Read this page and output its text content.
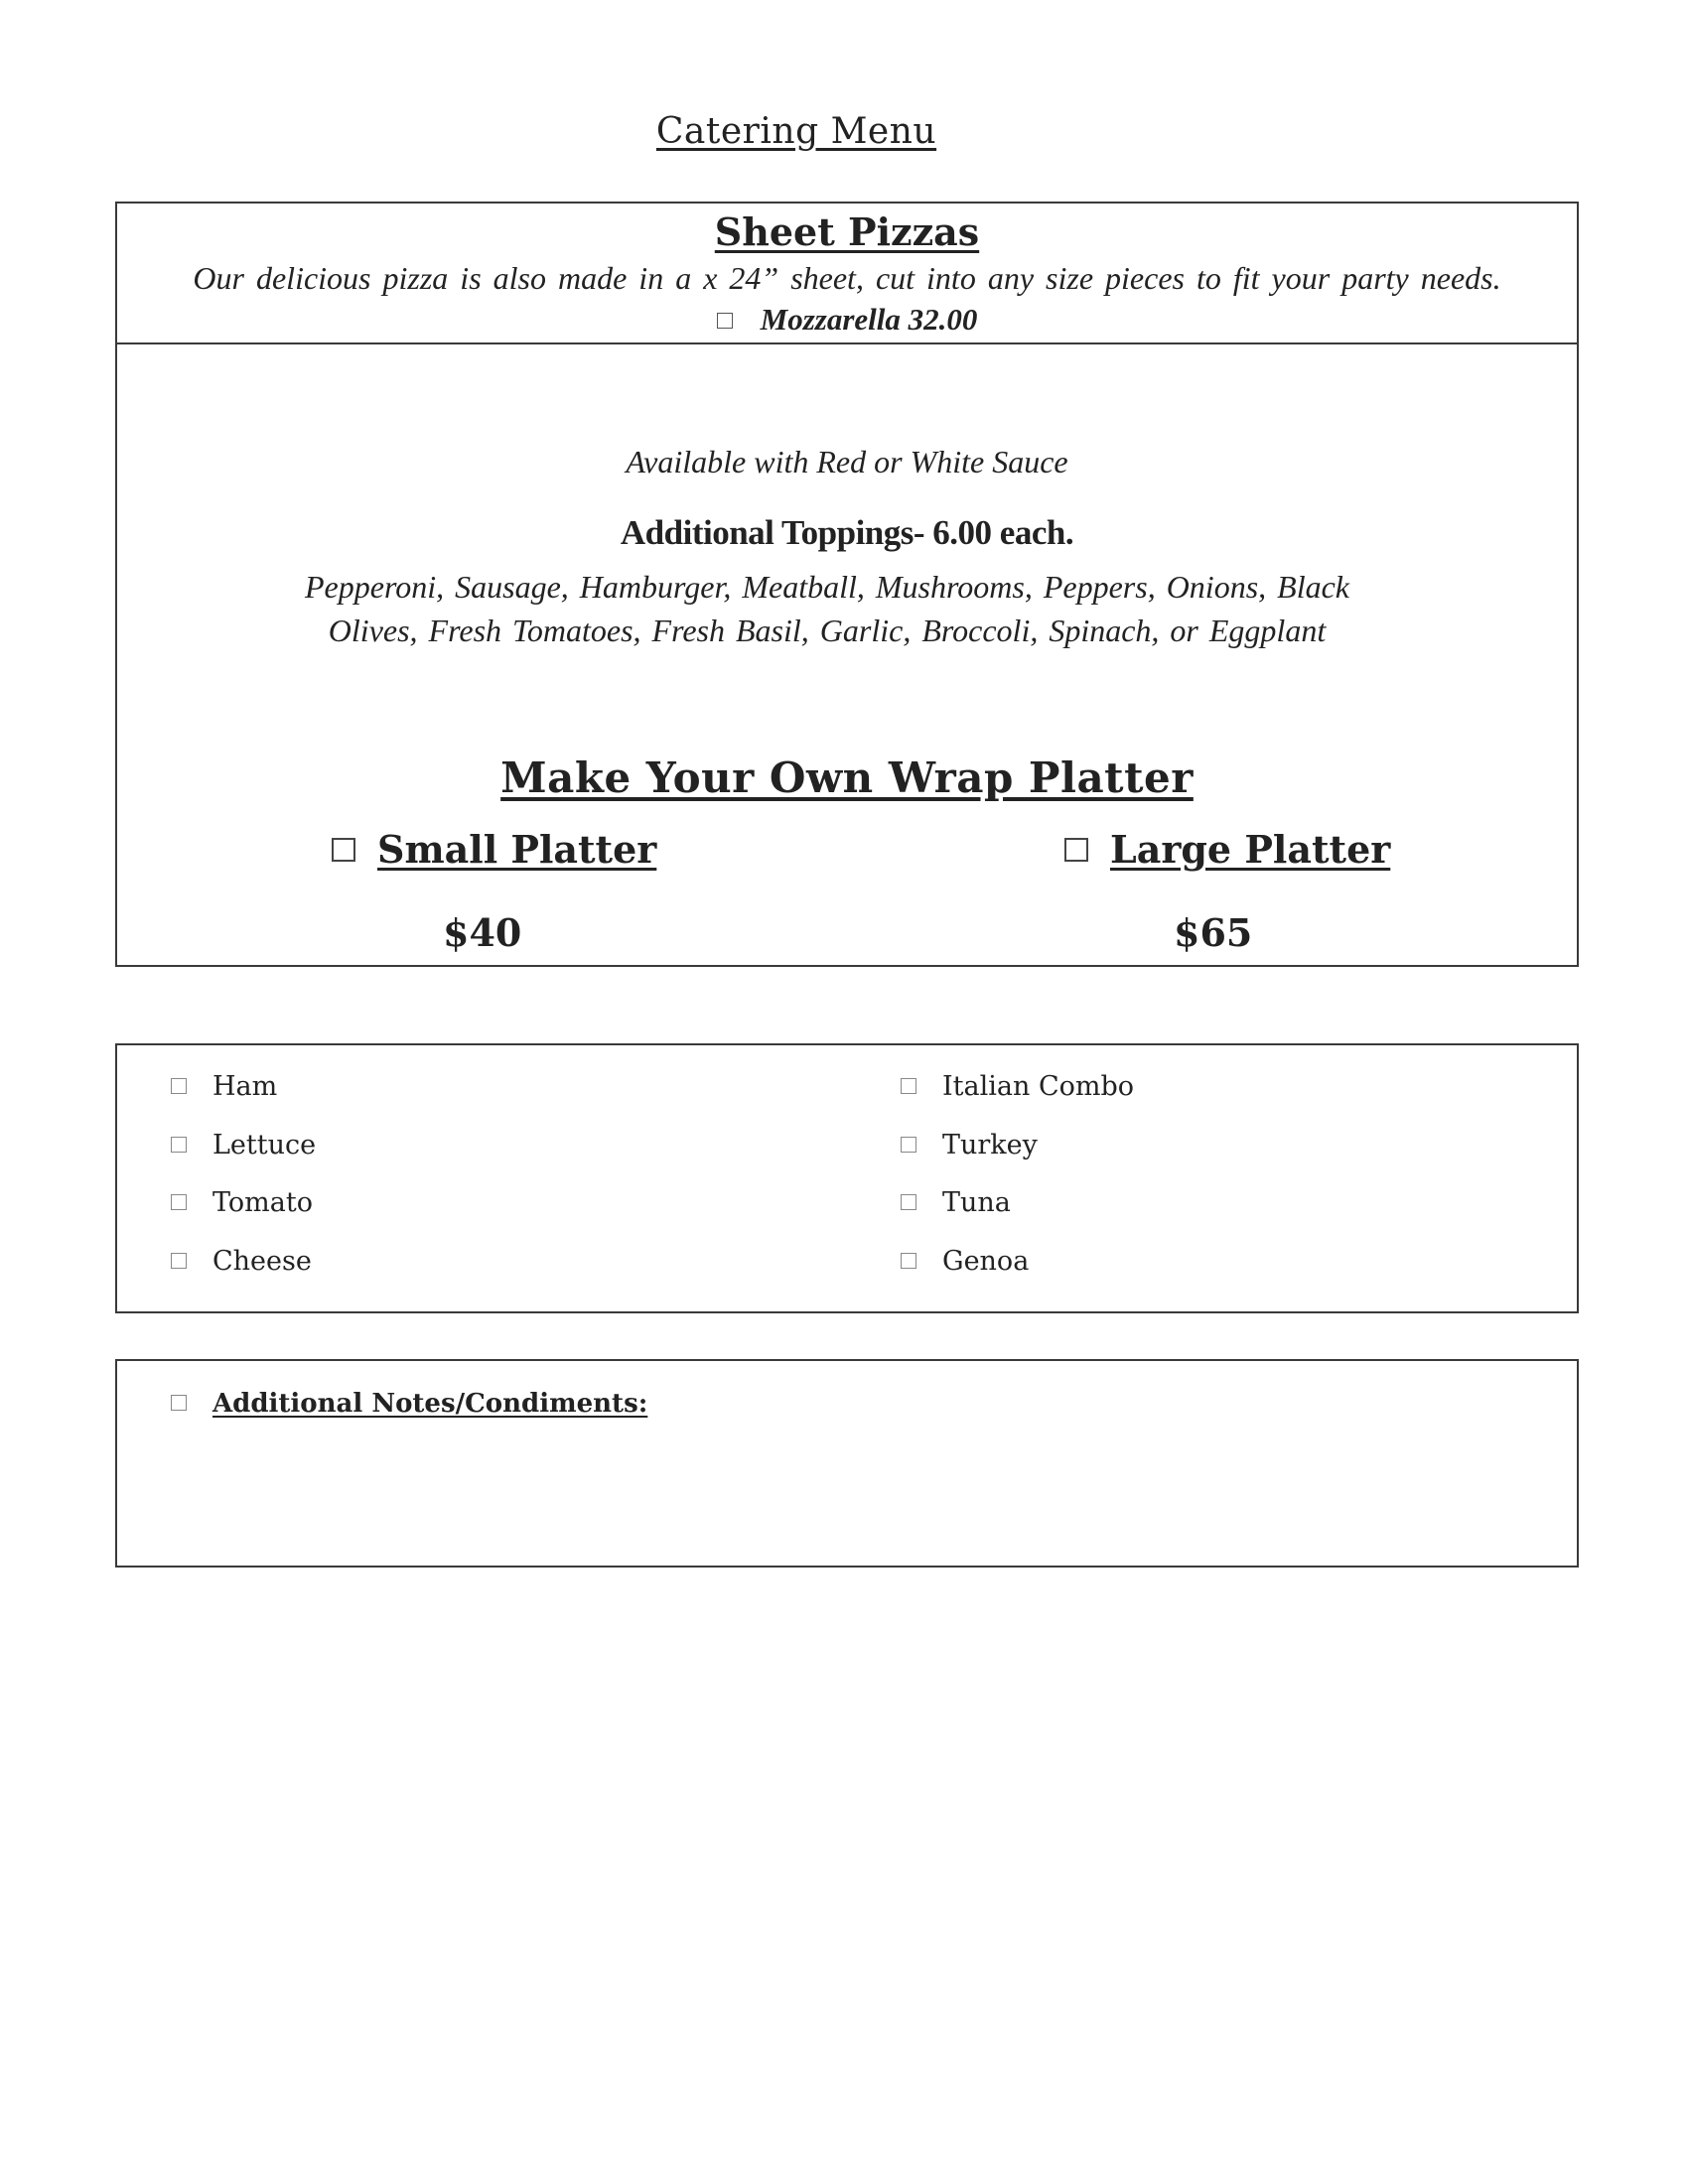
Catering Menu
Sheet Pizzas
Our delicious pizza is also made in a x 24” sheet, cut into any size pieces to fit your party needs.
Mozzarella 32.00
Available with Red or White Sauce
Additional Toppings- 6.00 each.
Pepperoni, Sausage, Hamburger, Meatball, Mushrooms, Peppers, Onions, Black Olives, Fresh Tomatoes, Fresh Basil, Garlic, Broccoli, Spinach, or Eggplant
Make Your Own Wrap Platter
Small Platter	Large Platter
$40	$65
Ham
Lettuce
Tomato
Cheese
Italian Combo
Turkey
Tuna
Genoa
Additional Notes/Condiments:
